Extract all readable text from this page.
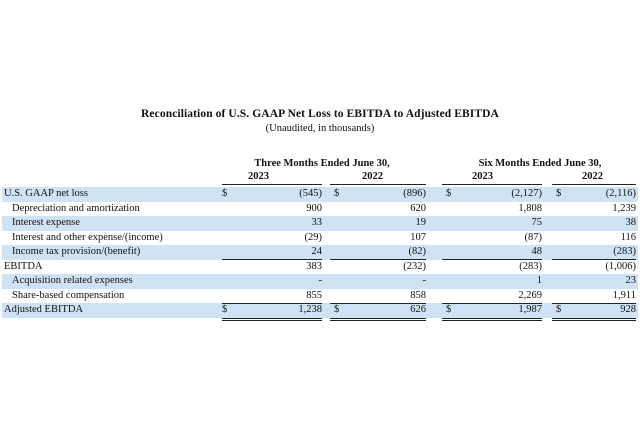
Reconciliation of U.S. GAAP Net Loss to EBITDA to Adjusted EBITDA
(Unaudited, in thousands)
Three Months Ended June 30,	Six Months Ended June 30,
2023	2022	2023	2022
U.S. GAAP net loss	$	(545) $	(896) $	(2,127) $	(2,116)
Depreciation and amortization	900	620	1,808	1,239
Interest expense	33	19	75	38
Interest and other expense/(income)	(29)	107	(87)	116
Income tax provision/(benefit)	24	(82)	48	(283)
EBITDA	383	(232)	(283)	(1,006)
Acquisition related expenses	-	-	1	23
Share-based compensation	855	858	2,269	1,911
Adjusted EBITDA	$	1,238 $	626 $	1,987 $	928
